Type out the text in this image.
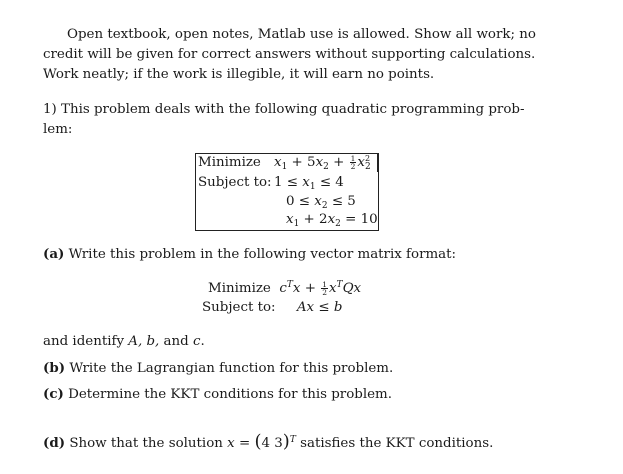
Open textbook, open notes, Matlab use is allowed. Show all work; no
credit will be given for correct answers without supporting calculations.
Work neatly; if the work is illegible, it will earn no points.
1) This problem deals with the following quadratic programming prob-
lem:
Minimize $x_1 + 5x_2 + \frac{1}{2} x^2_2$
Subject to: $1 \le x_1 \le 4$
$0 \le x_2 \le 5$
$x_1 + 2x_2 = 10$
(a) Write this problem in the following vector matrix format:
Minimize $c^Tx + \frac{1}{2} x^TQx$
Subject to: Ax ≤ b
and identify A, b, and c.
(b) Write the Lagrangian function for this problem.
(c) Determine the KKT conditions for this problem.
(d) Show that the solution x = (4 3)$^T$ satisfies the KKT conditions.
